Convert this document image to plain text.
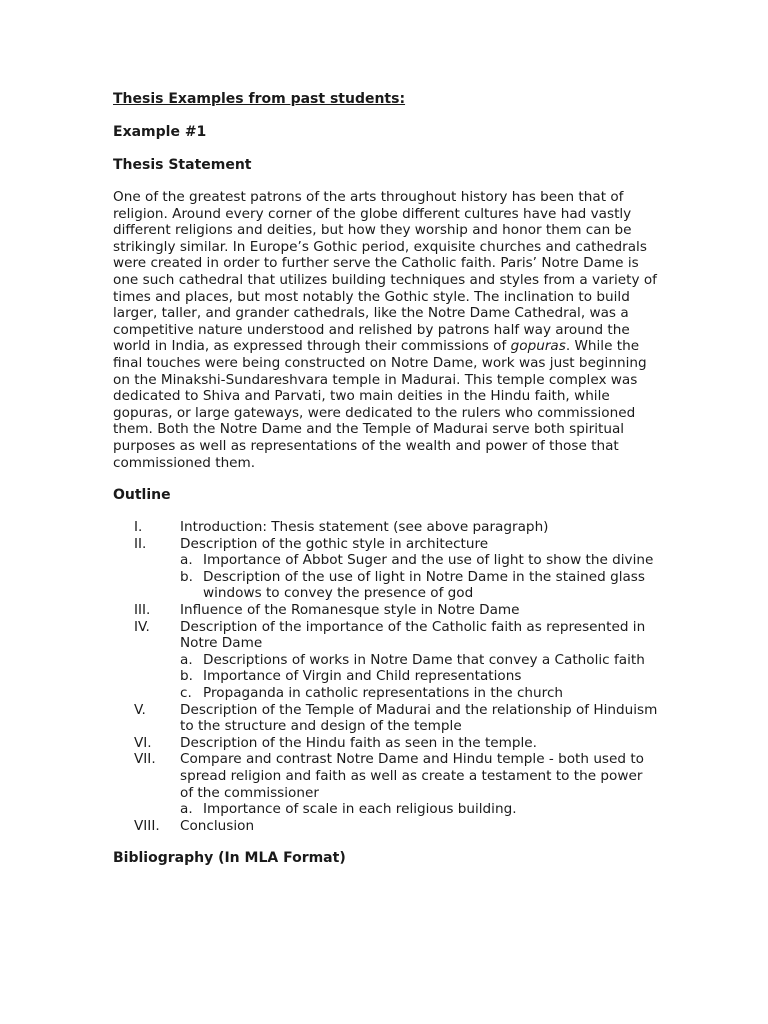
Thesis Examples from past students:
Example #1
Thesis Statement
One of the greatest patrons of the arts throughout history has been that of religion. Around every corner of the globe different cultures have had vastly different religions and deities, but how they worship and honor them can be strikingly similar. In Europe’s Gothic period, exquisite churches and cathedrals were created in order to further serve the Catholic faith. Paris’ Notre Dame is one such cathedral that utilizes building techniques and styles from a variety of times and places, but most notably the Gothic style. The inclination to build larger, taller, and grander cathedrals, like the Notre Dame Cathedral, was a competitive nature understood and relished by patrons half way around the world in India, as expressed through their commissions of gopuras. While the final touches were being constructed on Notre Dame, work was just beginning on the Minakshi-Sundareshvara temple in Madurai. This temple complex was dedicated to Shiva and Parvati, two main deities in the Hindu faith, while gopuras, or large gateways, were dedicated to the rulers who commissioned them. Both the Notre Dame and the Temple of Madurai serve both spiritual purposes as well as representations of the wealth and power of those that commissioned them.
Outline
I.	Introduction: Thesis statement (see above paragraph)
II. Description of the gothic style in architecture
a. Importance of Abbot Suger and the use of light to show the divine
b. Description of the use of light in Notre Dame in the stained glass windows to convey the presence of god
III. Influence of the Romanesque style in Notre Dame
IV. Description of the importance of the Catholic faith as represented in Notre Dame
a. Descriptions of works in Notre Dame that convey a Catholic faith
b. Importance of Virgin and Child representations
c. Propaganda in catholic representations in the church
V.	Description of the Temple of Madurai and the relationship of Hinduism to the structure and design of the temple
VI. Description of the Hindu faith as seen in the temple.
VII. Compare and contrast Notre Dame and Hindu temple - both used to spread religion and faith as well as create a testament to the power of the commissioner
a. Importance of scale in each religious building.
VIII. Conclusion
Bibliography (In MLA Format)
